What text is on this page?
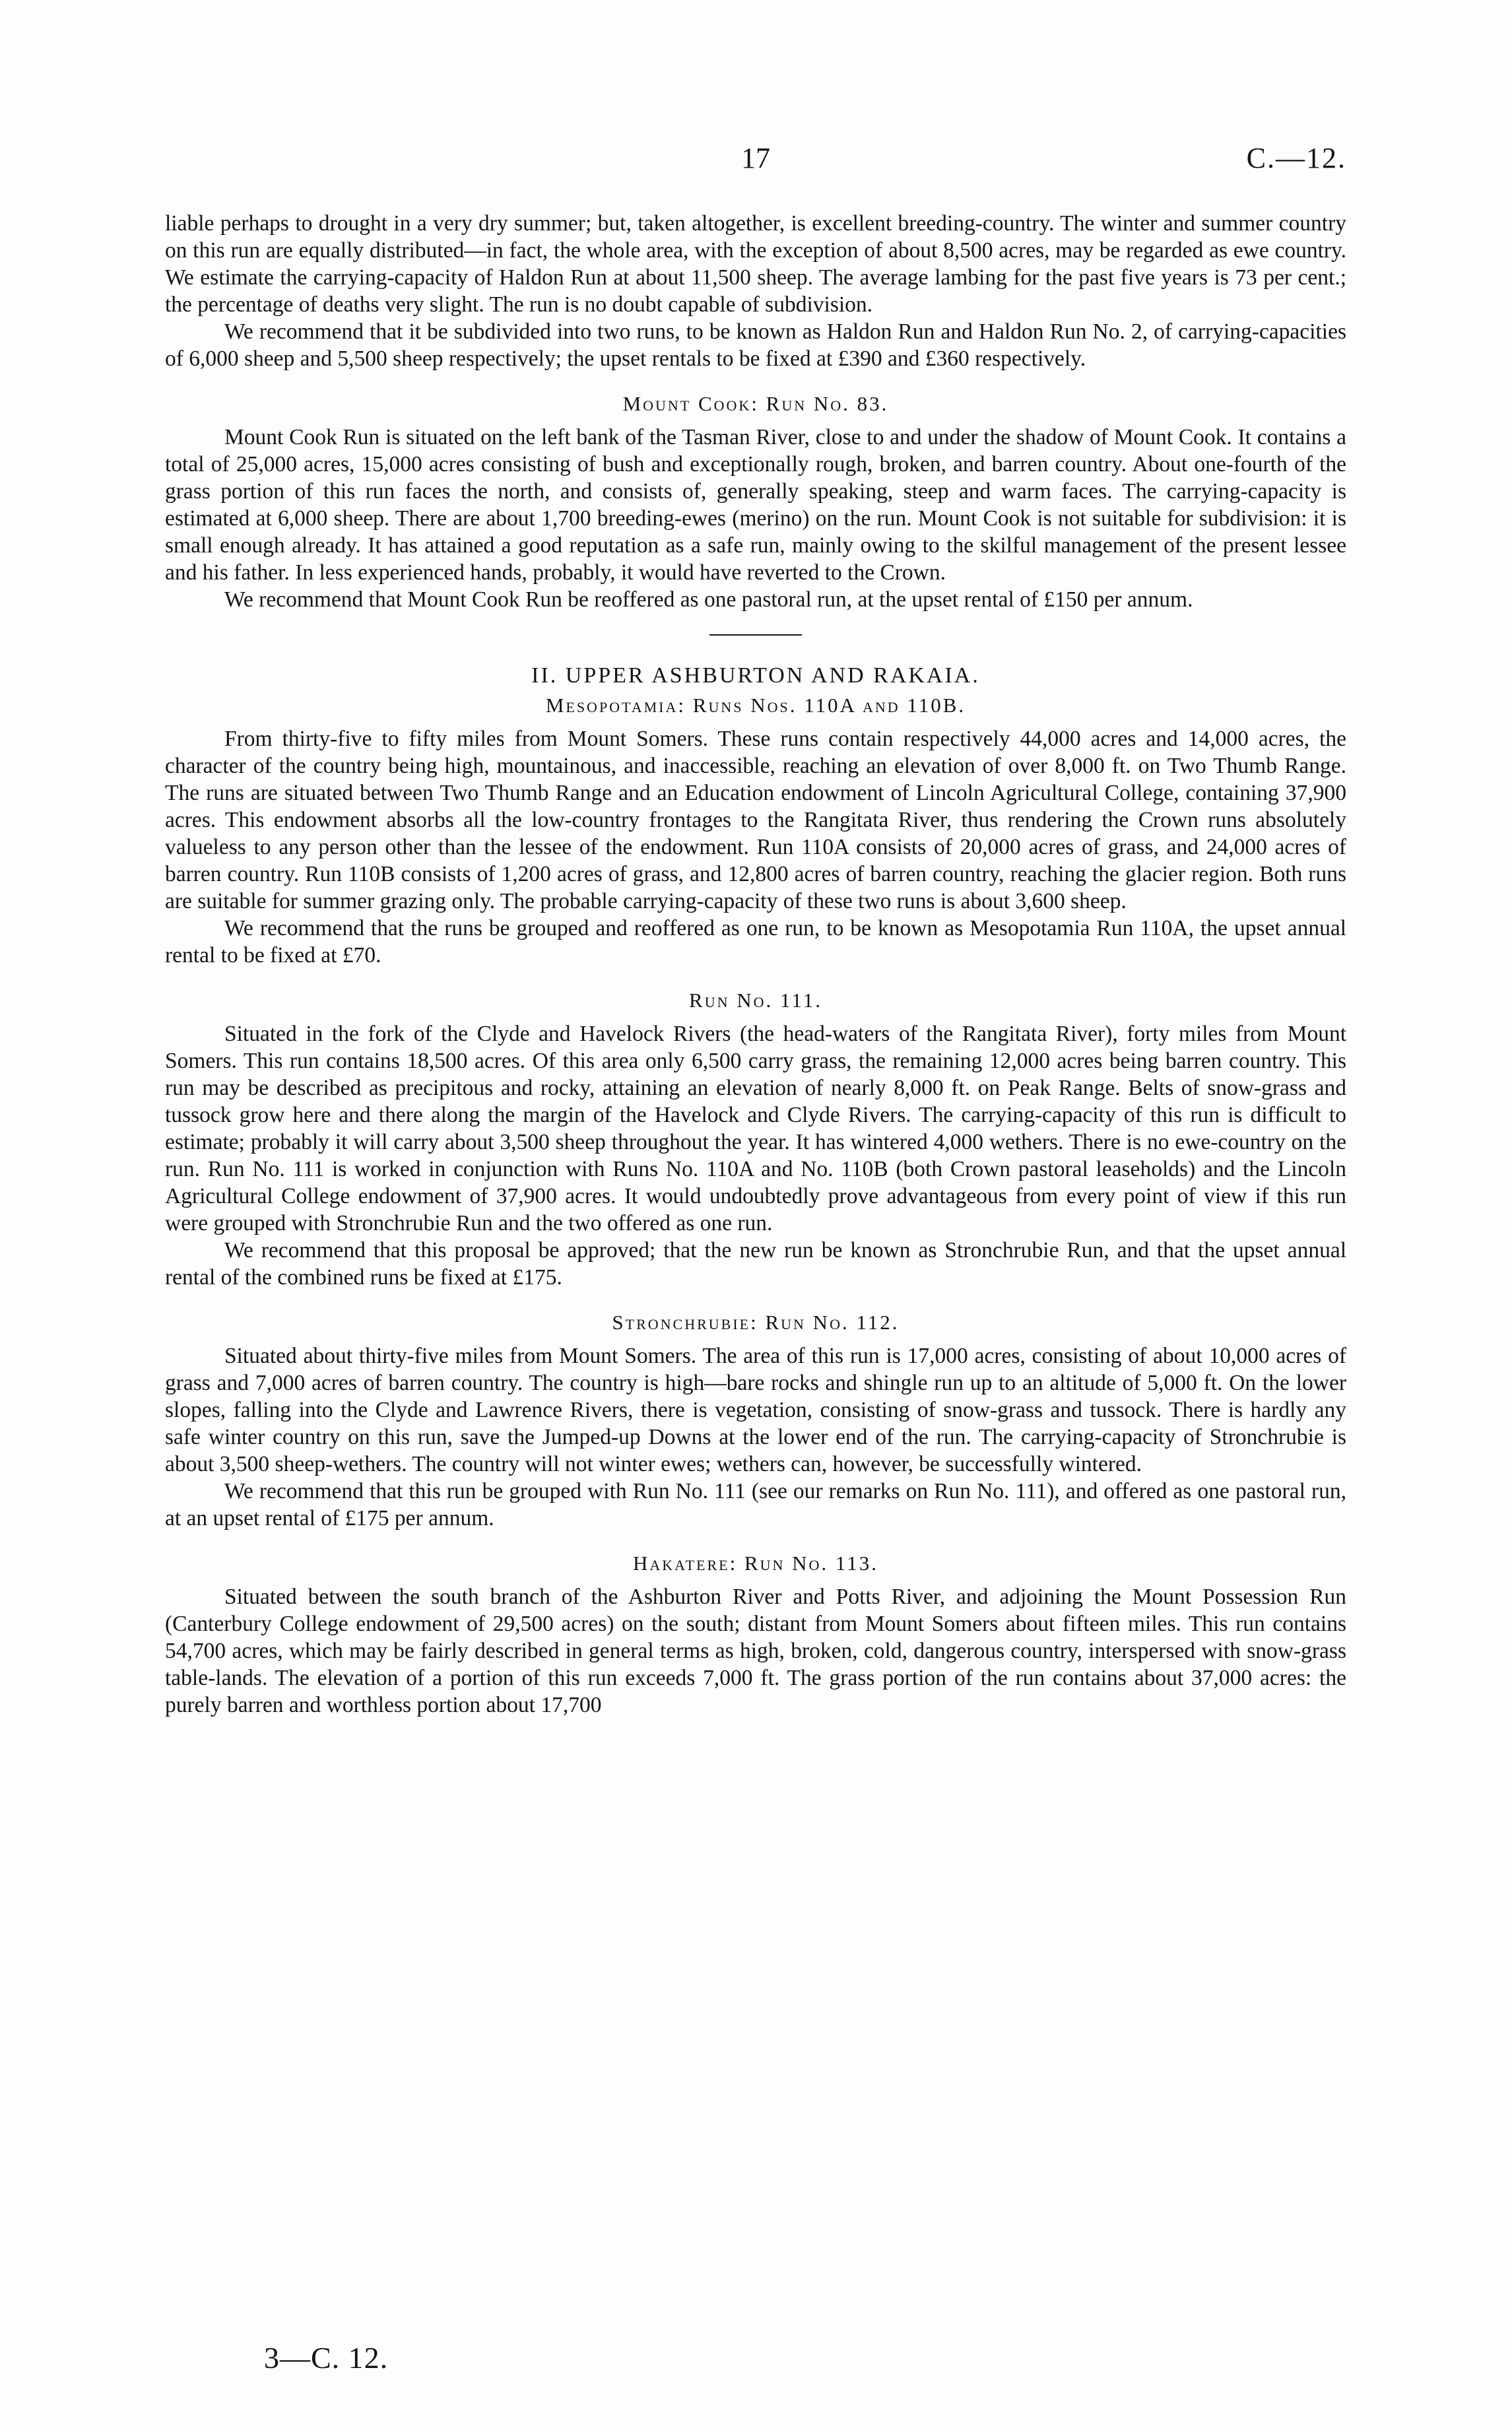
17	C.—12.

liable perhaps to drought in a very dry summer; but, taken altogether, is excellent breeding-country. The winter and summer country on this run are equally distributed—in fact, the whole area, with the exception of about 8,500 acres, may be regarded as ewe country. We estimate the carrying-capacity of Haldon Run at about 11,500 sheep. The average lambing for the past five years is 73 per cent.; the percentage of deaths very slight. The run is no doubt capable of subdivision.

We recommend that it be subdivided into two runs, to be known as Haldon Run and Haldon Run No. 2, of carrying-capacities of 6,000 sheep and 5,500 sheep respectively; the upset rentals to be fixed at £390 and £360 respectively.

Mount Cook: Run No. 83.

Mount Cook Run is situated on the left bank of the Tasman River, close to and under the shadow of Mount Cook. It contains a total of 25,000 acres, 15,000 acres consisting of bush and exceptionally rough, broken, and barren country. About one-fourth of the grass portion of this run faces the north, and consists of, generally speaking, steep and warm faces. The carrying-capacity is estimated at 6,000 sheep. There are about 1,700 breeding-ewes (merino) on the run. Mount Cook is not suitable for subdivision: it is small enough already. It has attained a good reputation as a safe run, mainly owing to the skilful management of the present lessee and his father. In less experienced hands, probably, it would have reverted to the Crown.

We recommend that Mount Cook Run be reoffered as one pastoral run, at the upset rental of £150 per annum.

II. UPPER ASHBURTON AND RAKAIA.
Mesopotamia: Runs Nos. 110A and 110B.

From thirty-five to fifty miles from Mount Somers. These runs contain respectively 44,000 acres and 14,000 acres, the character of the country being high, mountainous, and inaccessible, reaching an elevation of over 8,000 ft. on Two Thumb Range. The runs are situated between Two Thumb Range and an Education endowment of Lincoln Agricultural College, containing 37,900 acres. This endowment absorbs all the low-country frontages to the Rangitata River, thus rendering the Crown runs absolutely valueless to any person other than the lessee of the endowment. Run 110A consists of 20,000 acres of grass, and 24,000 acres of barren country. Run 110B consists of 1,200 acres of grass, and 12,800 acres of barren country, reaching the glacier region. Both runs are suitable for summer grazing only. The probable carrying-capacity of these two runs is about 3,600 sheep.

We recommend that the runs be grouped and reoffered as one run, to be known as Mesopotamia Run 110A, the upset annual rental to be fixed at £70.

Run No. 111.

Situated in the fork of the Clyde and Havelock Rivers (the head-waters of the Rangitata River), forty miles from Mount Somers. This run contains 18,500 acres. Of this area only 6,500 carry grass, the remaining 12,000 acres being barren country. This run may be described as precipitous and rocky, attaining an elevation of nearly 8,000 ft. on Peak Range. Belts of snow-grass and tussock grow here and there along the margin of the Havelock and Clyde Rivers. The carrying-capacity of this run is difficult to estimate; probably it will carry about 3,500 sheep throughout the year. It has wintered 4,000 wethers. There is no ewe-country on the run. Run No. 111 is worked in conjunction with Runs No. 110A and No. 110B (both Crown pastoral leaseholds) and the Lincoln Agricultural College endowment of 37,900 acres. It would undoubtedly prove advantageous from every point of view if this run were grouped with Stronchrubie Run and the two offered as one run.

We recommend that this proposal be approved; that the new run be known as Stronchrubie Run, and that the upset annual rental of the combined runs be fixed at £175.

Stronchrubie: Run No. 112.

Situated about thirty-five miles from Mount Somers. The area of this run is 17,000 acres, consisting of about 10,000 acres of grass and 7,000 acres of barren country. The country is high—bare rocks and shingle run up to an altitude of 5,000 ft. On the lower slopes, falling into the Clyde and Lawrence Rivers, there is vegetation, consisting of snow-grass and tussock. There is hardly any safe winter country on this run, save the Jumped-up Downs at the lower end of the run. The carrying-capacity of Stronchrubie is about 3,500 sheep-wethers. The country will not winter ewes; wethers can, however, be successfully wintered.

We recommend that this run be grouped with Run No. 111 (see our remarks on Run No. 111), and offered as one pastoral run, at an upset rental of £175 per annum.

Hakatere: Run No. 113.

Situated between the south branch of the Ashburton River and Potts River, and adjoining the Mount Possession Run (Canterbury College endowment of 29,500 acres) on the south; distant from Mount Somers about fifteen miles. This run contains 54,700 acres, which may be fairly described in general terms as high, broken, cold, dangerous country, interspersed with snow-grass table-lands. The elevation of a portion of this run exceeds 7,000 ft. The grass portion of the run contains about 37,000 acres: the purely barren and worthless portion about 17,700

3—C. 12.
